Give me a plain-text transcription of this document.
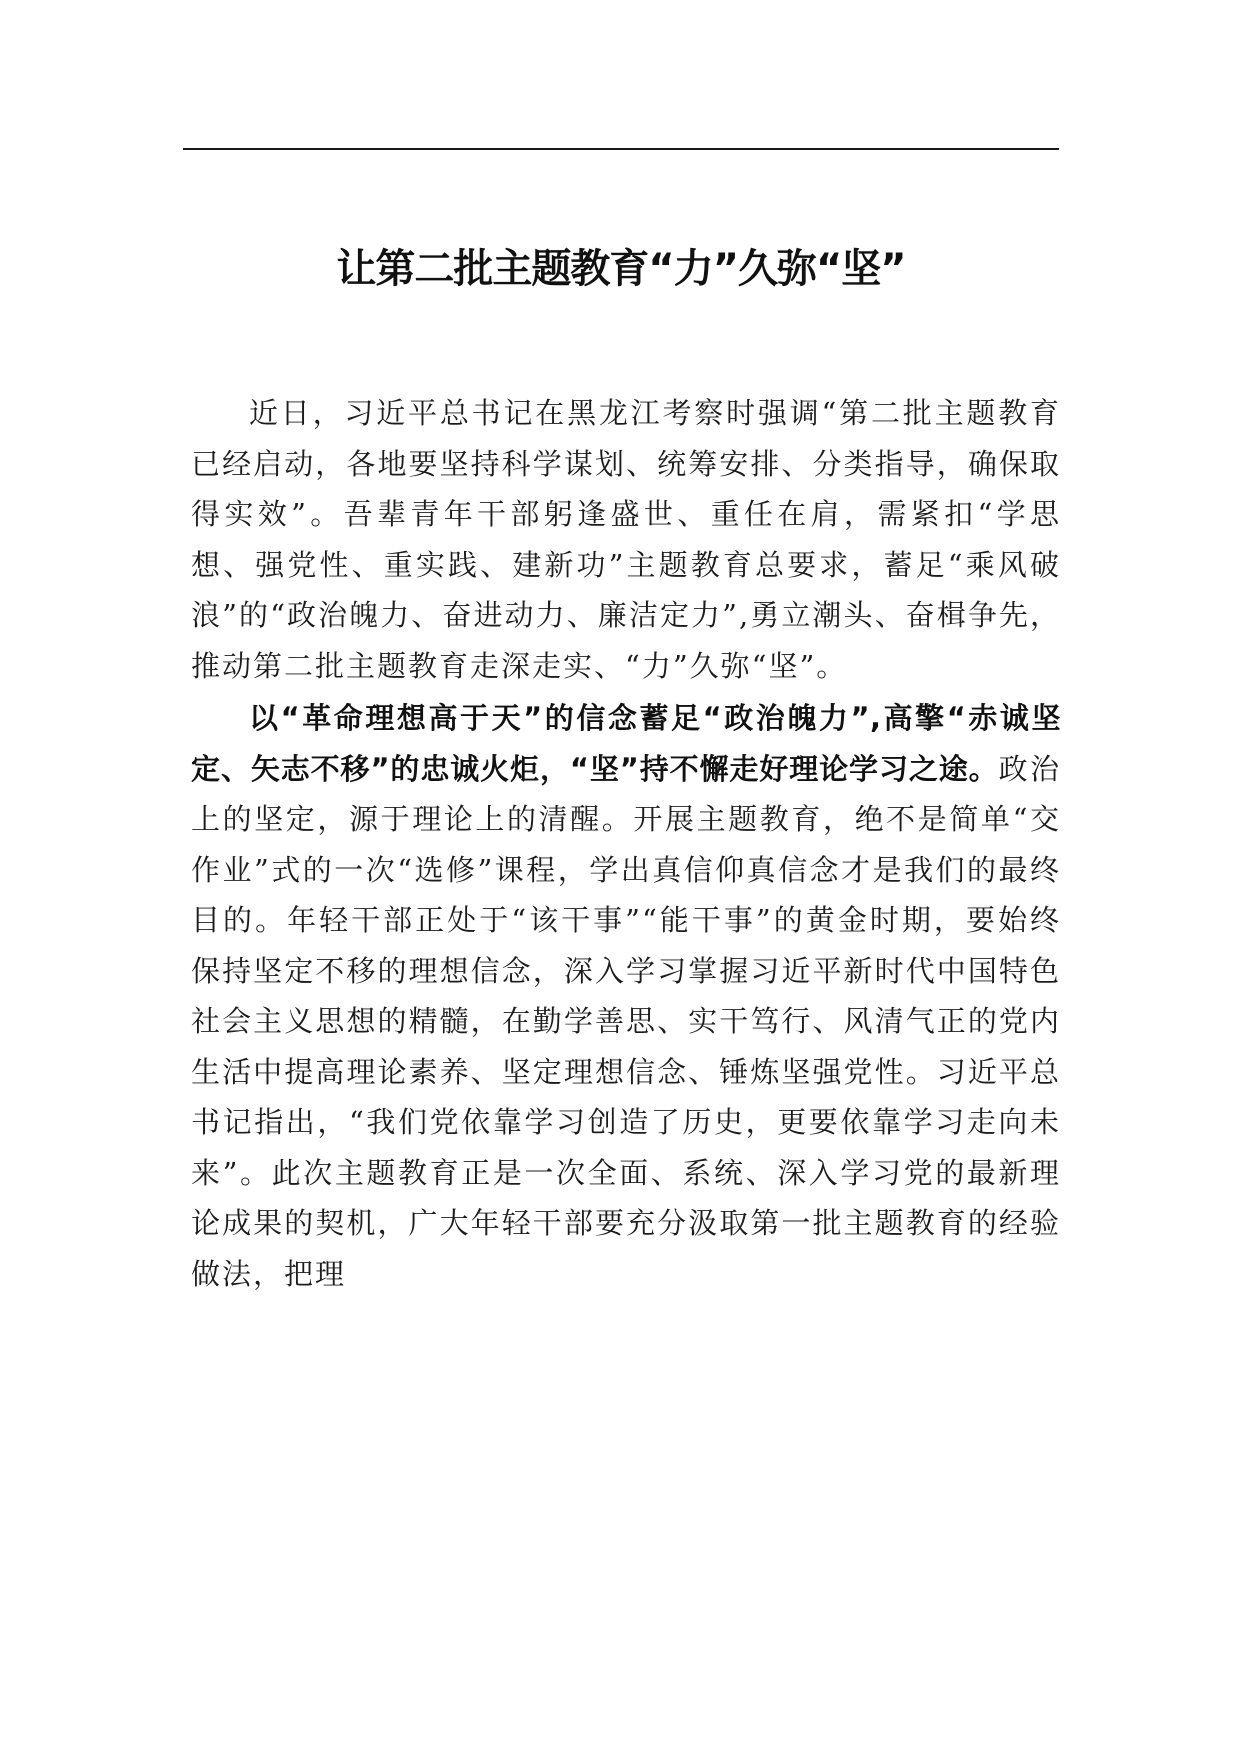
让第二批主题教育“力”久弥“坚”

近日，习近平总书记在黑龙江考察时强调“第二批主题教育已经启动，各地要坚持科学谋划、统筹安排、分类指导，确保取得实效”。吾辈青年干部躬逢盛世、重任在肩，需紧扣“学思想、强党性、重实践、建新功”主题教育总要求，蓄足“乘风破浪”的“政治魄力、奋进动力、廉洁定力”,勇立潮头、奋楫争先，推动第二批主题教育走深走实、“力”久弥“坚”。

以“革命理想高于天”的信念蓄足“政治魄力”,高擎“赤诚坚定、矢志不移”的忠诚火炬，“坚”持不懈走好理论学习之途。政治上的坚定，源于理论上的清醒。开展主题教育，绝不是简单“交作业”式的一次“选修”课程，学出真信仰真信念才是我们的最终目的。年轻干部正处于“该干事”“能干事”的黄金时期，要始终保持坚定不移的理想信念，深入学习掌握习近平新时代中国特色社会主义思想的精髓，在勤学善思、实干笃行、风清气正的党内生活中提高理论素养、坚定理想信念、锤炼坚强党性。习近平总书记指出，“我们党依靠学习创造了历史，更要依靠学习走向未来”。此次主题教育正是一次全面、系统、深入学习党的最新理论成果的契机，广大年轻干部要充分汲取第一批主题教育的经验做法，把理
